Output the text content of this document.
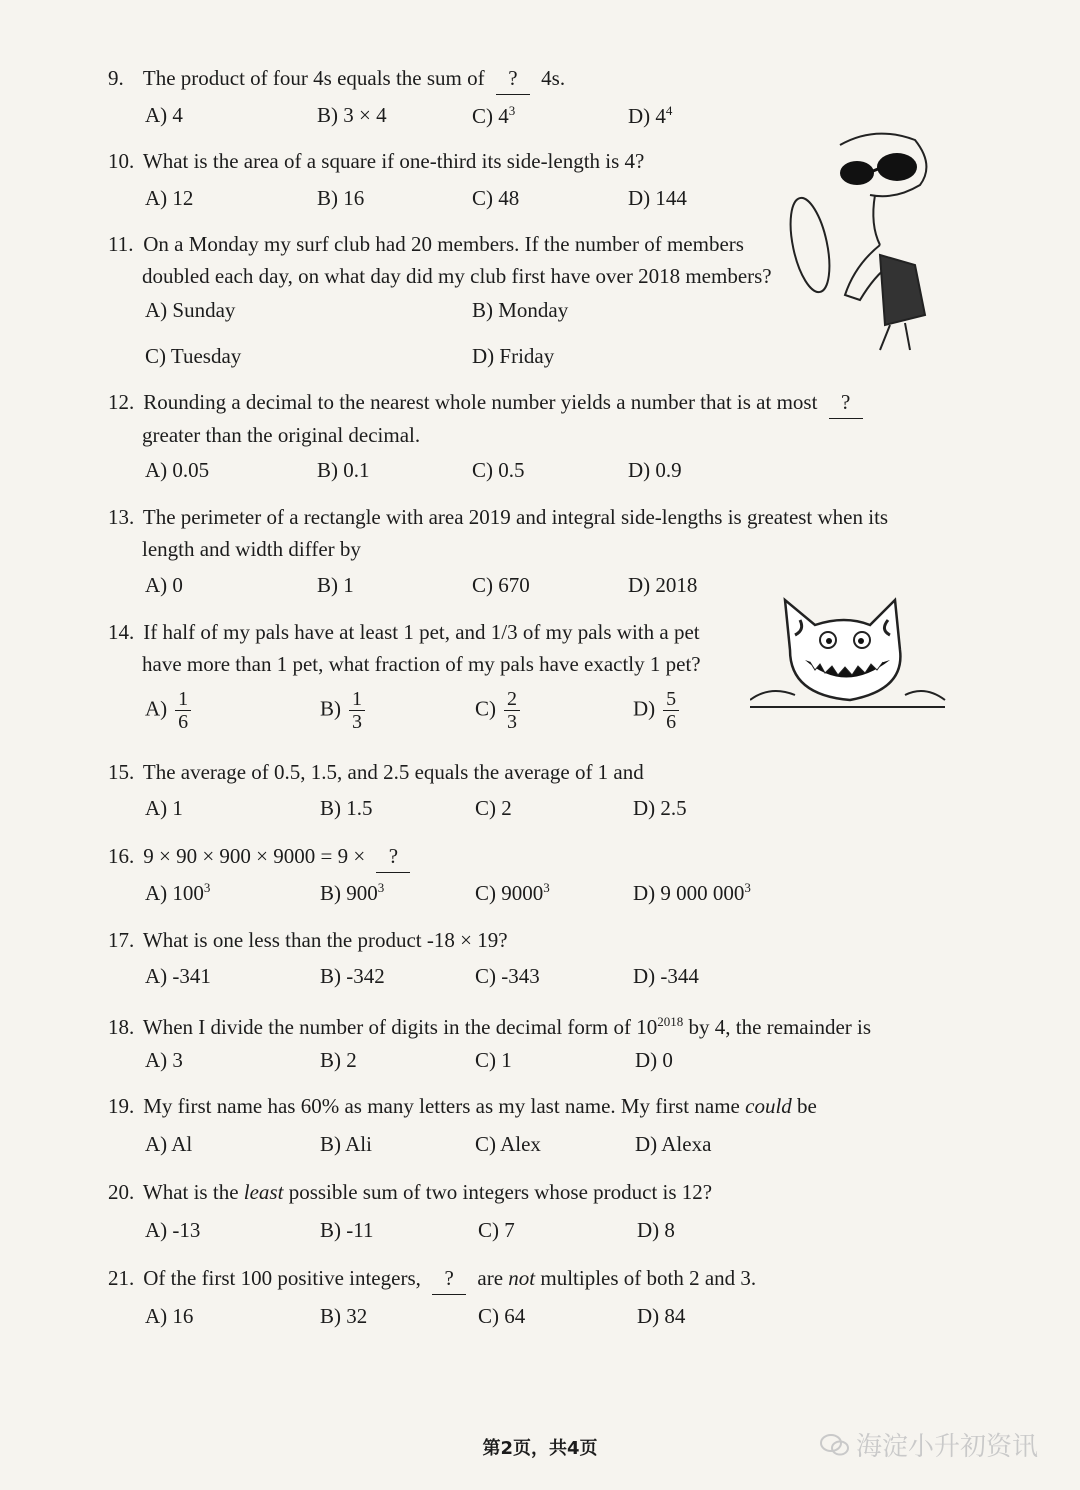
9. The product of four 4s equals the sum of ? 4s.
A) 4	B) 3 × 4	C) $4^3$	D) $4^4$
10. What is the area of a square if one-third its side-length is 4?
A) 12	B) 16	C) 48	D) 144
11. On a Monday my surf club had 20 members. If the number of members
doubled each day, on what day did my club first have over 2018 members?
A) Sunday	B) Monday
C) Tuesday	D) Friday
12. Rounding a decimal to the nearest whole number yields a number that is at most ?
greater than the original decimal.
A) 0.05	B) 0.1	C) 0.5	D) 0.9
13. The perimeter of a rectangle with area 2019 and integral side-lengths is greatest when its
length and width differ by
A) 0	B) 1	C) 670	D) 2018
14. If half of my pals have at least 1 pet, and 1/3 of my pals with a pet
have more than 1 pet, what fraction of my pals have exactly 1 pet?
$A) \frac{1}{6}$	$B) \frac{1}{3}$	$C) \frac{2}{3}$	$D) \frac{5}{6}$
15. The average of 0.5, 1.5, and 2.5 equals the average of 1 and
A) 1	B) 1.5	C) 2	D) 2.5
16. 9 × 90 × 900 × 9000 = 9 × ?
A) $100^3$	B) $900^3$	C) 9000$^3$	D) 9 000 $000^3$
17. What is one less than the product -18 × 19?
A) -341	B) -342	C) -343	D) -344
18. When I divide the number of digits in the decimal form of $10^{2018}$ by 4, the remainder is
A) 3	B) 2	C) 1	D) 0
19. My first name has 60% as many letters as my last name. My first name could be
A) Al	B) Ali	C) Alex	D) Alexa
20. What is the least possible sum of two integers whose product is 12?
A) -13	B) -11	C) 7	D) 8
21. Of the first 100 positive integers, ? are not multiples of both 2 and 3.
A) 16	B) 32	C) 64	D) 84
第2页，共4页	海淀小升初资讯
